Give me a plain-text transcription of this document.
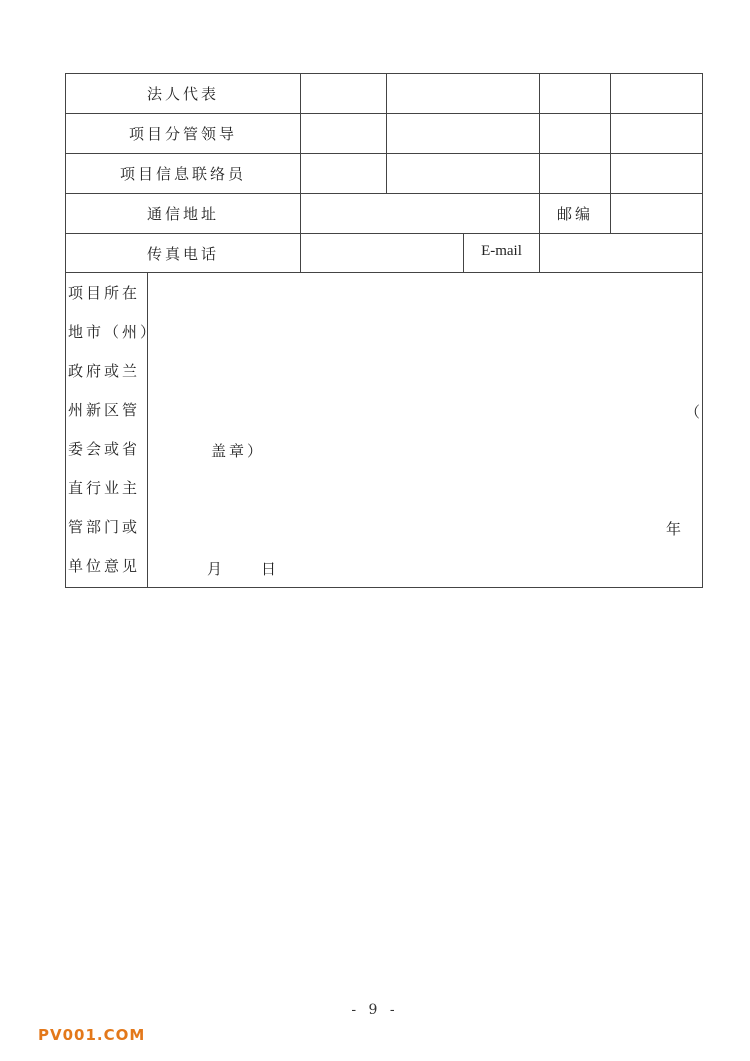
法人代表
项目分管领导
项目信息联络员
通信地址
传真电话
邮编
E-mail
项目所在
地市（州）
政府或兰
州新区管
委会或省
直行业主
管部门或
单位意见
（
盖章）
年
月 日
- 9 -
PV001.COM
